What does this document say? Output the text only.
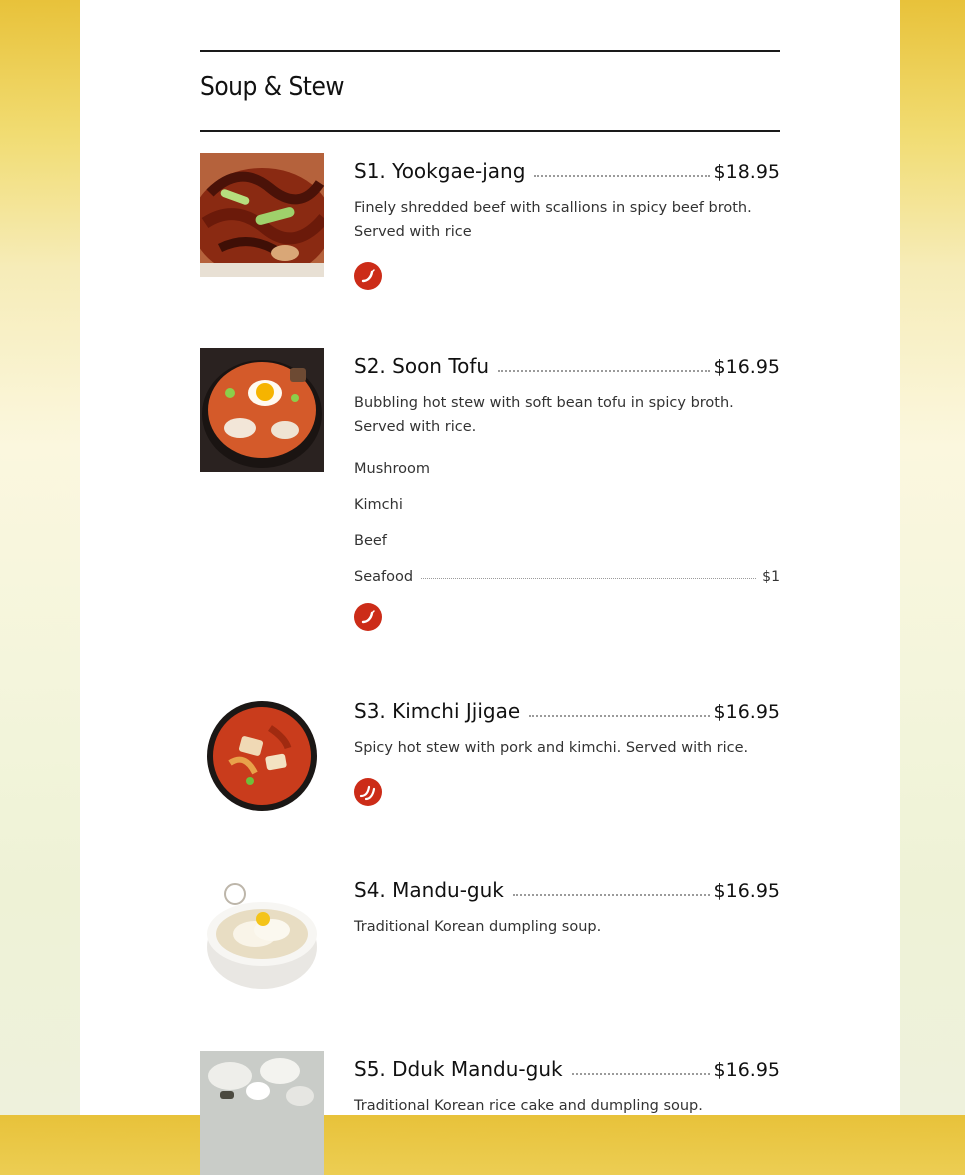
Soup & Stew
S1. Yookgae-jang	$18.95
Finely shredded beef with scallions in spicy beef broth. Served with rice
S2. Soon Tofu	$16.95
Bubbling hot stew with soft bean tofu in spicy broth. Served with rice.
Mushroom
Kimchi
Beef
Seafood	$1
S3. Kimchi Jjigae	$16.95
Spicy hot stew with pork and kimchi. Served with rice.
S4. Mandu-guk	$16.95
Traditional Korean dumpling soup.
S5. Dduk Mandu-guk	$16.95
Traditional Korean rice cake and dumpling soup.
